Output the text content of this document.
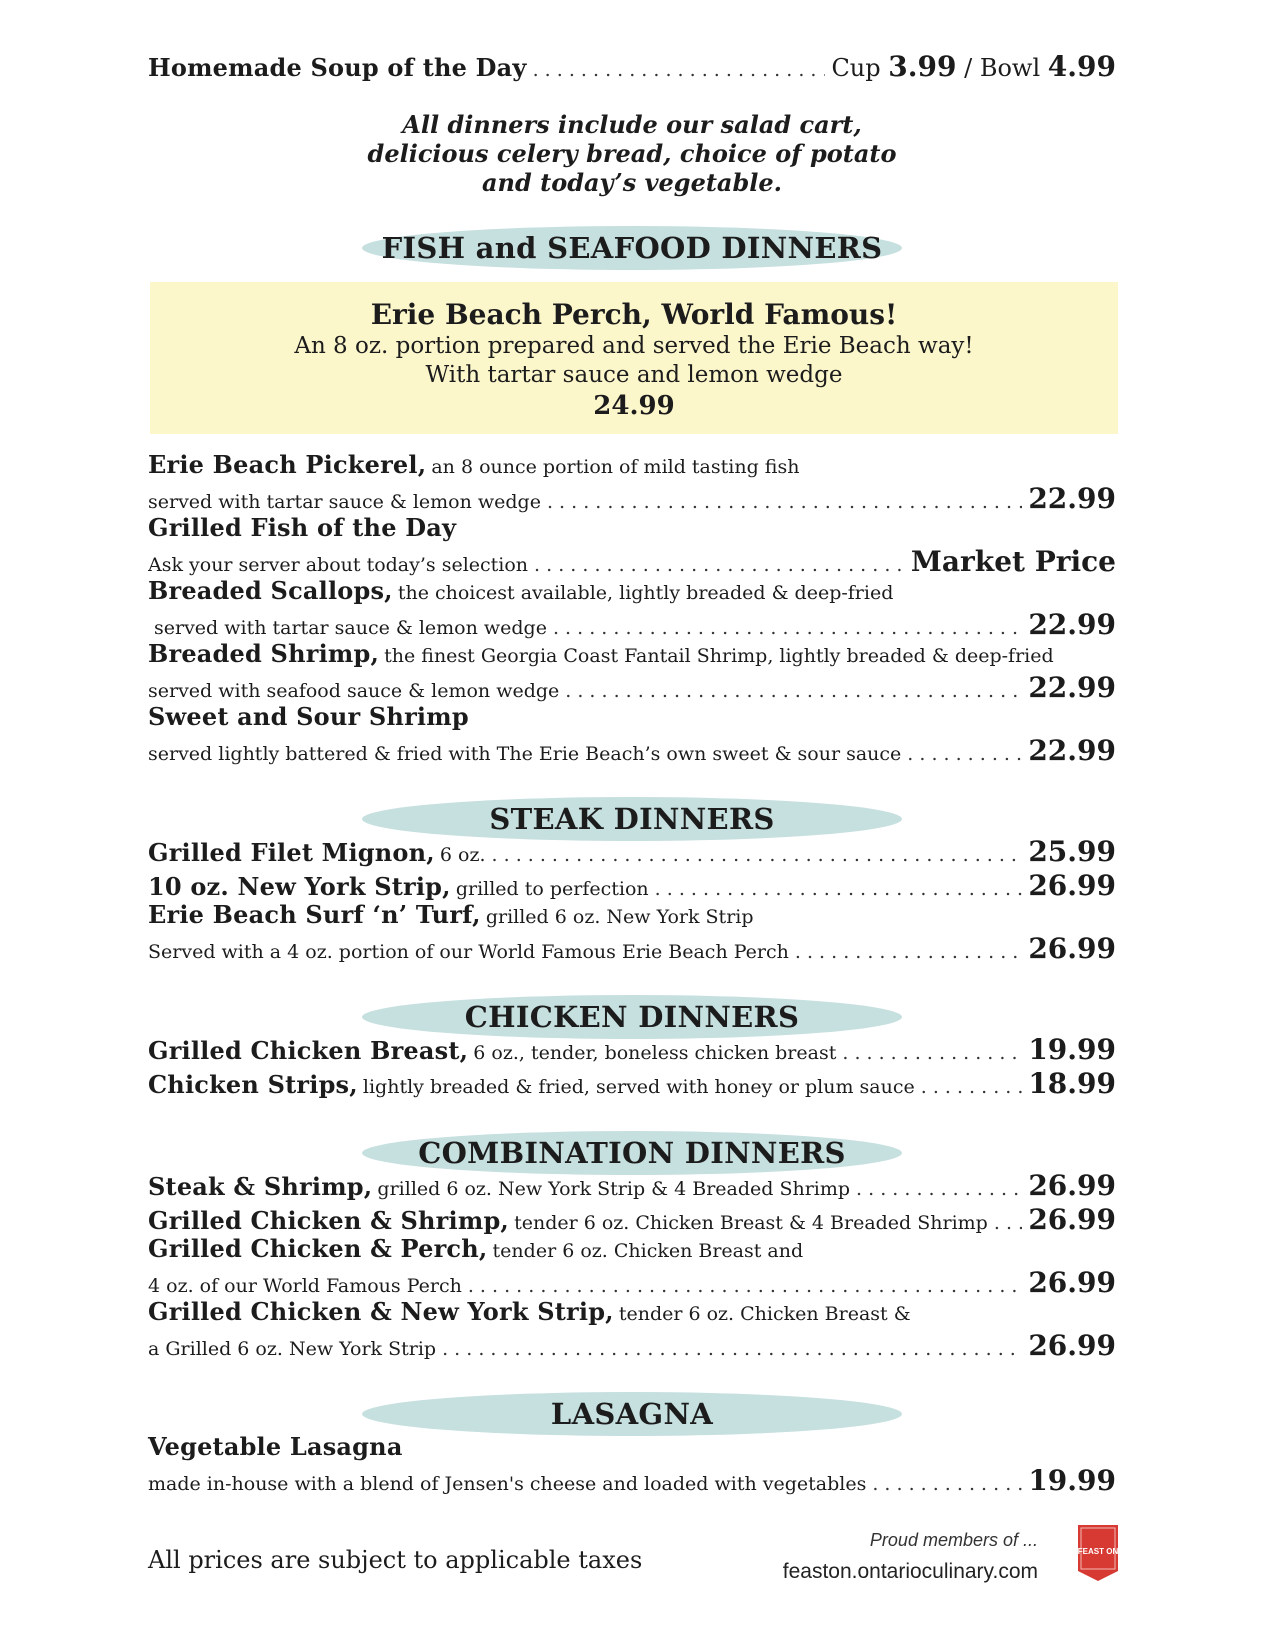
Homemade Soup of the Day . . .	Cup 3.99 / Bowl 4.99
All dinners include our salad cart,
delicious celery bread, choice of potato
and today’s vegetable.
FISH and SEAFOOD DINNERS
Erie Beach Perch, World Famous!
An 8 oz. portion prepared and served the Erie Beach way!
With tartar sauce and lemon wedge
24.99
Erie Beach Pickerel, an 8 ounce portion of mild tasting fish
served with tartar sauce & lemon wedge . . .	22.99
Grilled Fish of the Day
Ask your server about today’s selection . . .	Market Price
Breaded Scallops, the choicest available, lightly breaded & deep-fried
served with tartar sauce & lemon wedge . . .	22.99
Breaded Shrimp, the finest Georgia Coast Fantail Shrimp, lightly breaded & deep-fried
served with seafood sauce & lemon wedge . . .	22.99
Sweet and Sour Shrimp
served lightly battered & fried with The Erie Beach’s own sweet & sour sauce . . .	22.99
STEAK DINNERS
Grilled Filet Mignon, 6 oz. . . .	25.99
10 oz. New York Strip, grilled to perfection . . .	26.99
Erie Beach Surf ‘n’ Turf, grilled 6 oz. New York Strip
Served with a 4 oz. portion of our World Famous Erie Beach Perch . . .	26.99
CHICKEN DINNERS
Grilled Chicken Breast, 6 oz., tender, boneless chicken breast . . .	19.99
Chicken Strips, lightly breaded & fried, served with honey or plum sauce . . .	18.99
COMBINATION DINNERS
Steak & Shrimp, grilled 6 oz. New York Strip & 4 Breaded Shrimp . . .	26.99
Grilled Chicken & Shrimp, tender 6 oz. Chicken Breast & 4 Breaded Shrimp . . . 26.99
Grilled Chicken & Perch, tender 6 oz. Chicken Breast and
4 oz. of our World Famous Perch . . .	26.99
Grilled Chicken & New York Strip, tender 6 oz. Chicken Breast &
a Grilled 6 oz. New York Strip . . .	26.99
LASAGNA
Vegetable Lasagna
made in-house with a blend of Jensen's cheese and loaded with vegetables . . .	19.99
All prices are subject to applicable taxes
Proud members of ...
feaston.ontarioculinary.com
FEAST ON
